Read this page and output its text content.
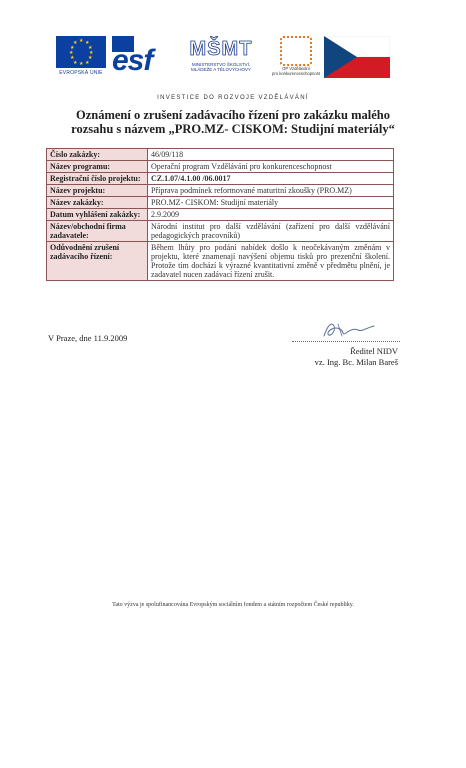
★ ★
★
★
★
★
★
★
★
★
★
★
EVROPSKÁ UNIE esf MŠMT
MINISTERSTVO ŠKOLSTVÍ,
MLÁDEŽE A TĚLOVÝCHOVY	OP Vzdělávání
pro konkurenceschopnost
INVESTICE DO ROZVOJE VZDĚLÁVÁNÍ
Oznámení o zrušení zadávacího řízení pro zakázku malého
rozsahu s názvem „PRO.MZ- CISKOM: Studijní materiály“
Číslo zakázky:	46/09/118
Název programu:	Operační program Vzdělávání pro konkurenceschopnost
Registrační číslo projektu:	CZ.1.07/4.1.00 /06.0017
Název projektu:	Příprava podmínek reformované maturitní zkoušky (PRO.MZ)
Název zakázky:	PRO.MZ- CISKOM: Studijní materiály
Datum vyhlášení zakázky:	2.9.2009
Název/obchodní firma zadavatele:	Národní institut pro další vzdělávání (zařízení pro další vzdělávání pedagogických pracovníků)
Odůvodnění zrušení zadávacího řízení:	Během lhůty pro podání nabídek došlo k neočekávaným změnám v projektu, které znamenají navýšení objemu tisků pro prezenční školení. Protože tím dochází k výrazné kvantitativní změně v předmětu plnění, je zadavatel nucen zadávací řízení zrušit.
V Praze, dne 11.9.2009
Ředitel NIDV
vz. Ing. Bc. Milan Bareš
Tato výzva je spolufinancována Evropským sociálním fondem a státním rozpočtem České republiky.
